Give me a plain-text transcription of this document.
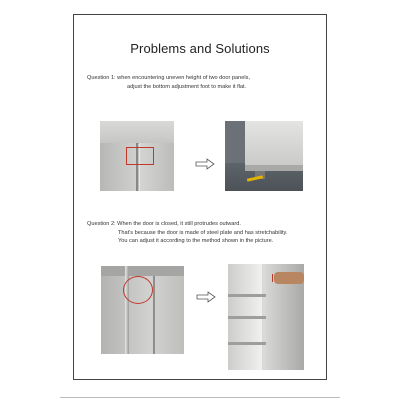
Problems and Solutions
Question 1: when encountering uneven height of two door panels,
adjust the bottom adjustment foot to make it flat.
Question 2: When the door is closed, it still protrudes outward.
That's because the door is made of steel plate and has stretchability.
You can adjust it according to the method shown in the picture.
